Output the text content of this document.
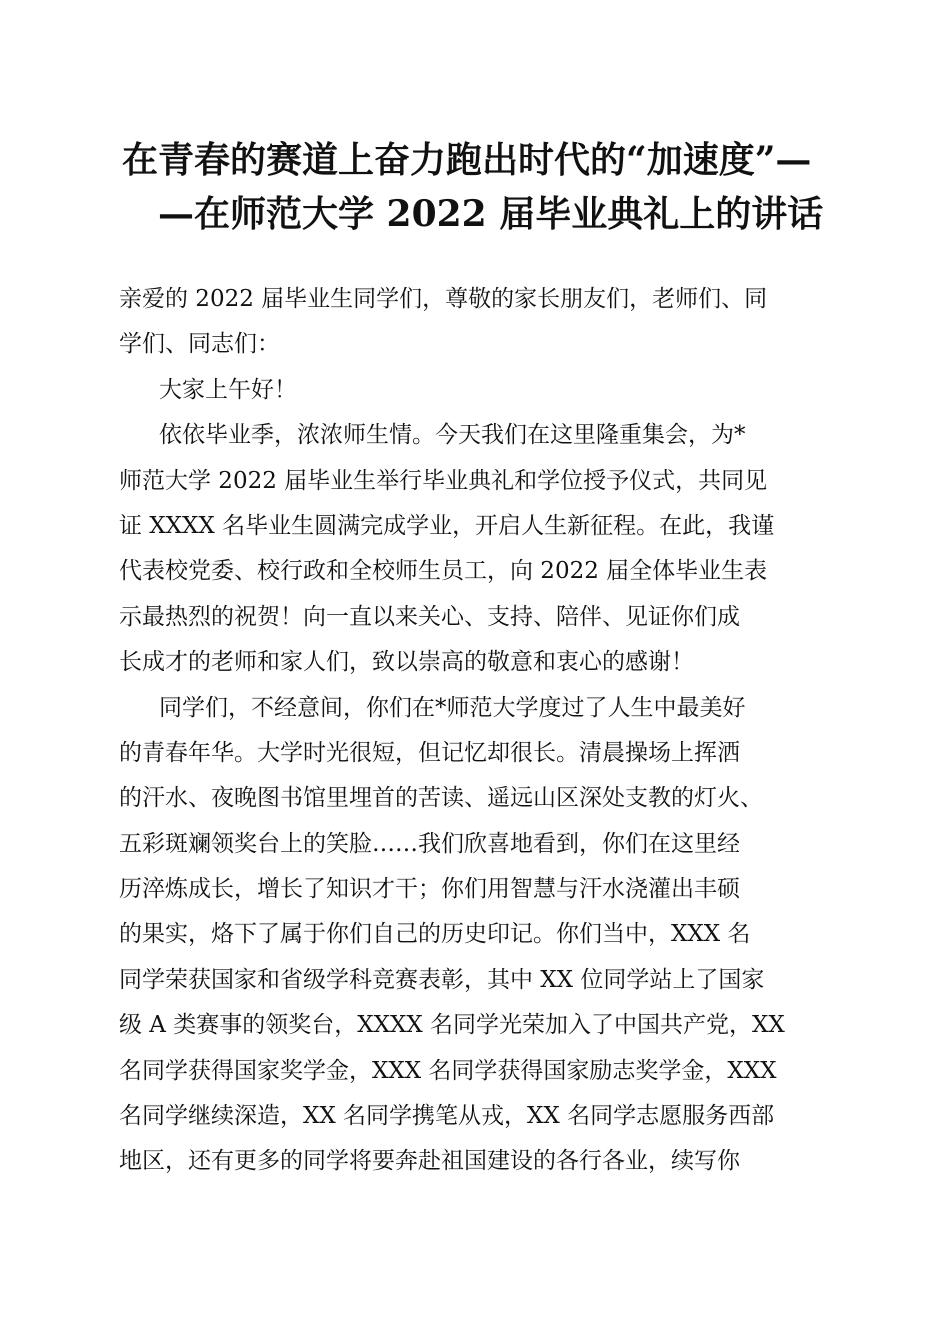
在青春的赛道上奋力跑出时代的“加速度”—
—在师范大学 2022 届毕业典礼上的讲话
亲爱的 2022 届毕业生同学们，尊敬的家长朋友们，老师们、同
学们、同志们：
大家上午好！
依依毕业季，浓浓师生情。今天我们在这里隆重集会，为*
师范大学 2022 届毕业生举行毕业典礼和学位授予仪式，共同见
证 XXXX 名毕业生圆满完成学业，开启人生新征程。在此，我谨
代表校党委、校行政和全校师生员工，向 2022 届全体毕业生表
示最热烈的祝贺！向一直以来关心、支持、陪伴、见证你们成
长成才的老师和家人们，致以崇高的敬意和衷心的感谢！
同学们，不经意间，你们在*师范大学度过了人生中最美好
的青春年华。大学时光很短，但记忆却很长。清晨操场上挥洒
的汗水、夜晚图书馆里埋首的苦读、遥远山区深处支教的灯火、
五彩斑斓领奖台上的笑脸……我们欣喜地看到，你们在这里经
历淬炼成长，增长了知识才干；你们用智慧与汗水浇灌出丰硕
的果实，烙下了属于你们自己的历史印记。你们当中，XXX 名
同学荣获国家和省级学科竞赛表彰，其中 XX 位同学站上了国家
级 A 类赛事的领奖台，XXXX 名同学光荣加入了中国共产党，XX
名同学获得国家奖学金，XXX 名同学获得国家励志奖学金，XXX
名同学继续深造，XX 名同学携笔从戎，XX 名同学志愿服务西部
地区，还有更多的同学将要奔赴祖国建设的各行各业，续写你
